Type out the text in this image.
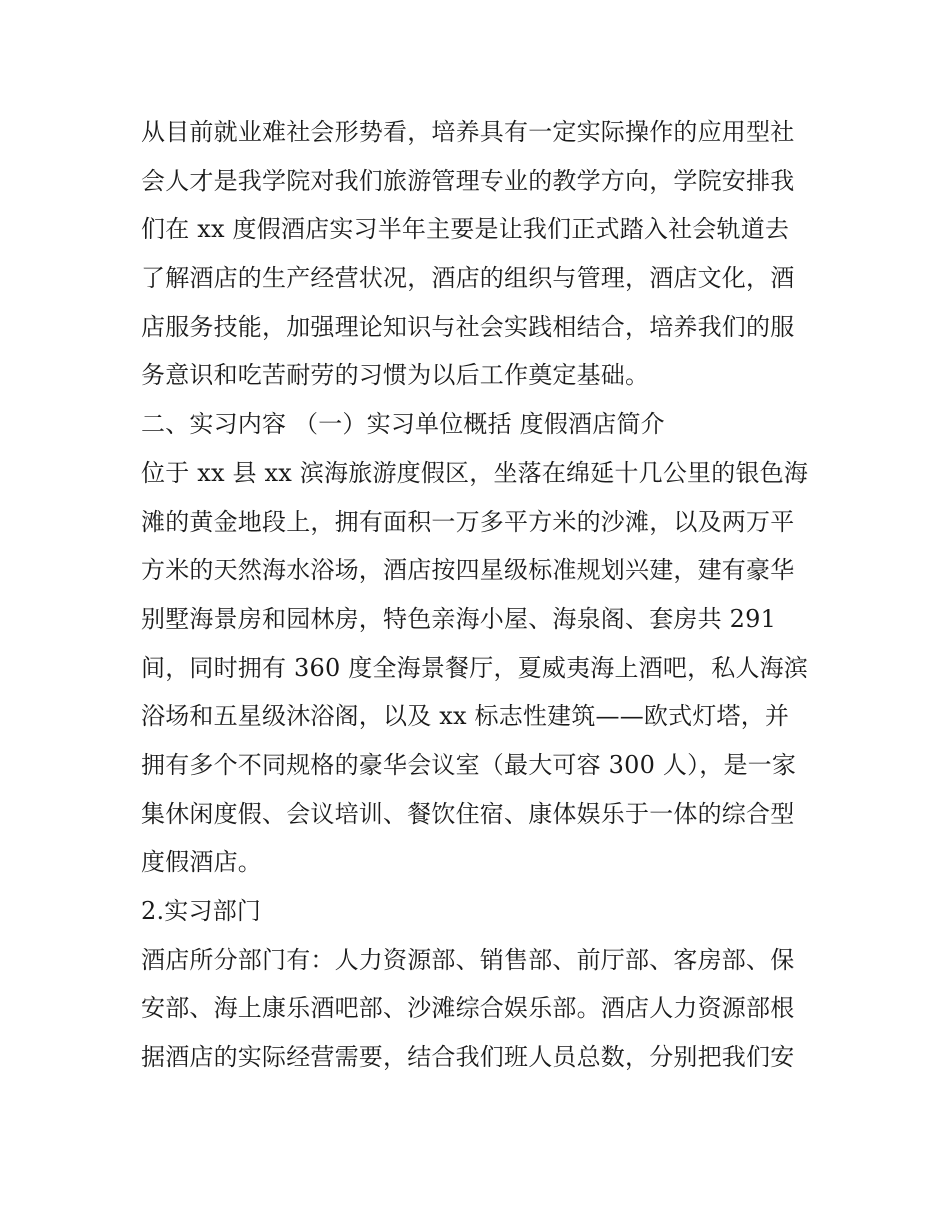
从目前就业难社会形势看，培养具有一定实际操作的应用型社
会人才是我学院对我们旅游管理专业的教学方向，学院安排我
们在 xx 度假酒店实习半年主要是让我们正式踏入社会轨道去
了解酒店的生产经营状况，酒店的组织与管理，酒店文化，酒
店服务技能，加强理论知识与社会实践相结合，培养我们的服
务意识和吃苦耐劳的习惯为以后工作奠定基础。
二、实习内容 （一）实习单位概括 度假酒店简介
位于 xx 县 xx 滨海旅游度假区，坐落在绵延十几公里的银色海
滩的黄金地段上，拥有面积一万多平方米的沙滩，以及两万平
方米的天然海水浴场，酒店按四星级标准规划兴建，建有豪华
别墅海景房和园林房，特色亲海小屋、海泉阁、套房共 291
间，同时拥有 360 度全海景餐厅，夏威夷海上酒吧，私人海滨
浴场和五星级沐浴阁，以及 xx 标志性建筑——欧式灯塔，并
拥有多个不同规格的豪华会议室（最大可容 300 人），是一家
集休闲度假、会议培训、餐饮住宿、康体娱乐于一体的综合型
度假酒店。
2.实习部门
酒店所分部门有：人力资源部、销售部、前厅部、客房部、保
安部、海上康乐酒吧部、沙滩综合娱乐部。酒店人力资源部根
据酒店的实际经营需要，结合我们班人员总数，分别把我们安
